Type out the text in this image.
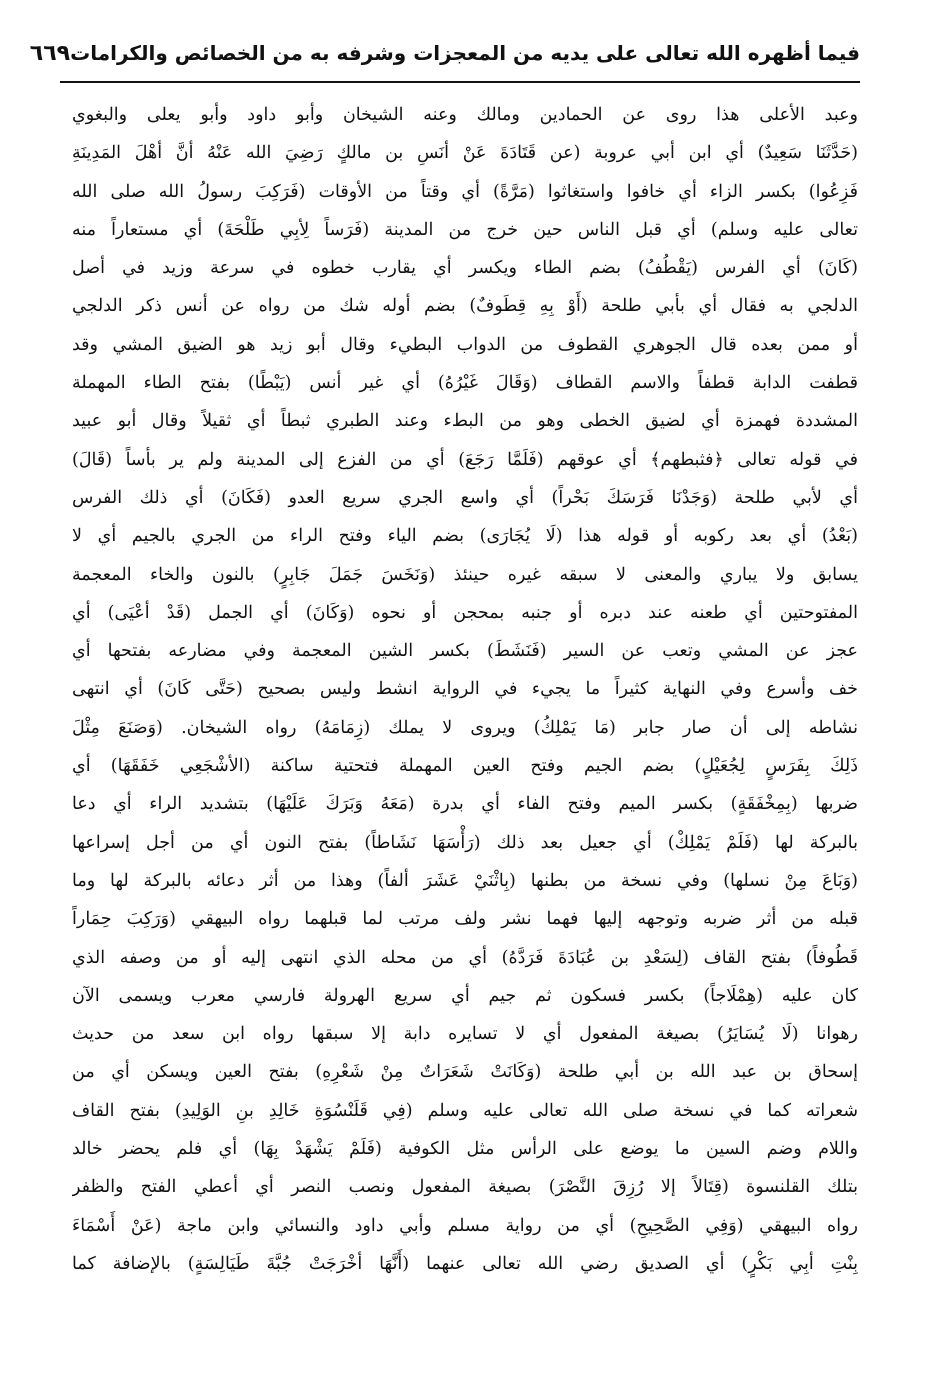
فيما أظهره الله تعالى على يديه من المعجزات وشرفه به من الخصائص والكرامات
٦٦٩
وعبد الأعلى هذا روى عن الحمادين ومالك وعنه الشيخان وأبو داود وأبو يعلى والبغوي
(حَدَّثَنَا سَعِيدٌ) أي ابن أبي عروبة (عن قَتَادَةَ عَنْ أنَسِ بن مالكٍ رَضِيَ الله عَنْهُ أنَّ أهْلَ المَدِينَةِ
فَزِعُوا) بكسر الزاء أي خافوا واستغاثوا (مَرَّةً) أي وقتاً من الأوقات (فَرَكِبَ رسولُ الله صلى الله
تعالى عليه وسلم) أي قبل الناس حين خرج من المدينة (فَرَساً لِأبِي طَلْحَةَ) أي مستعاراً منه
(كَانَ) أي الفرس (يَقْطُفُ) بضم الطاء ويكسر أي يقارب خطوه في سرعة وزيد في أصل
الدلجي به فقال أي بأبي طلحة (أَوْ بِهِ قِطَوفٌ) بضم أوله شك من رواه عن أنس ذكر الدلجي
أو ممن بعده قال الجوهري القطوف من الدواب البطيء وقال أبو زيد هو الضيق المشي وقد
قطفت الدابة قطفاً والاسم القطاف (وَقَالَ غَيْرُهُ) أي غير أنس (يَبْطًا) بفتح الطاء المهملة
المشددة فهمزة أي لضيق الخطى وهو من البطء وعند الطبري ثبطاً أي ثقيلاً وقال أبو عبيد
في قوله تعالى ﴿فثبطهم﴾ أي عوقهم (فَلَمَّا رَجَعَ) أي من الفزع إلى المدينة ولم ير بأساً (قَالَ)
أي لأبي طلحة (وَجَدْنَا فَرَسَكَ بَحْراً) أي واسع الجري سريع العدو (فَكَانَ) أي ذلك الفرس
(بَعْدُ) أي بعد ركوبه أو قوله هذا (لَا يُجَارَى) بضم الياء وفتح الراء من الجري بالجيم أي لا
يسابق ولا يباري والمعنى لا سبقه غيره حينئذ (وَنَخَسَ جَمَلَ جَابِرٍ) بالنون والخاء المعجمة
المفتوحتين أي طعنه عند دبره أو جنبه بمحجن أو نحوه (وَكَانَ) أي الجمل (قَدْ أعْيَى) أي
عجز عن المشي وتعب عن السير (فَنَشَطَ) بكسر الشين المعجمة وفي مضارعه بفتحها أي
خف وأسرع وفي النهاية كثيراً ما يجيء في الرواية انشط وليس بصحيح (حَتَّى كَانَ) أي انتهى
نشاطه إلى أن صار جابر (مَا يَمْلِكُ) ويروى لا يملك (زِمَامَهُ) رواه الشيخان. (وَصَنَعَ مِثْلَ
ذَلِكَ بِفَرَسٍ لِجُعَيْلٍ) بضم الجيم وفتح العين المهملة فتحتية ساكنة (الأشْجَعِي خَفَقَهَا) أي
ضربها (بِمِخْفَقَةٍ) بكسر الميم وفتح الفاء أي بدرة (مَعَهُ وَبَرَكَ عَلَيْهَا) بتشديد الراء أي دعا
بالبركة لها (فَلَمْ يَمْلِكْ) أي جعيل بعد ذلك (رَأْسَهَا نَشَاطاً) بفتح النون أي من أجل إسراعها
(وَبَاعَ مِنْ نسلها) وفي نسخة من بطنها (بِاثْنَيْ عَشَرَ ألفاً) وهذا من أثر دعائه بالبركة لها وما
قبله من أثر ضربه وتوجهه إليها فهما نشر ولف مرتب لما قبلهما رواه البيهقي (وَرَكِبَ حِمَاراً
قَطُوفاً) بفتح القاف (لِسَعْدِ بن عُبَادَةَ فَرَدَّهُ) أي من محله الذي انتهى إليه أو من وصفه الذي
كان عليه (هِمْلَاجاً) بكسر فسكون ثم جيم أي سريع الهرولة فارسي معرب ويسمى الآن
رهوانا (لَا يُسَايَرُ) بصيغة المفعول أي لا تسايره دابة إلا سبقها رواه ابن سعد من حديث
إسحاق بن عبد الله بن أبي طلحة (وَكَانَتْ شَعَرَاتٌ مِنْ شَعْرِهِ) بفتح العين ويسكن أي من
شعراته كما في نسخة صلى الله تعالى عليه وسلم (فِي قَلَنْسُوَةِ خَالِدِ بنِ الوَلِيدِ) بفتح القاف
واللام وضم السين ما يوضع على الرأس مثل الكوفية (فَلَمْ يَشْهَدْ بِهَا) أي فلم يحضر خالد
بتلك القلنسوة (قِتَالاً إلا رُزِقَ النَّصْرَ) بصيغة المفعول ونصب النصر أي أعطي الفتح والظفر
رواه البيهقي (وَفِي الصَّحِيحِ) أي من رواية مسلم وأبي داود والنسائي وابن ماجة (عَنْ أَسْمَاءَ
بِنْتِ أبِي بَكْرٍ) أي الصديق رضي الله تعالى عنهما (أَنَّهَا أخْرَجَتْ جُبَّةَ طَيَالِسَةٍ) بالإضافة كما
